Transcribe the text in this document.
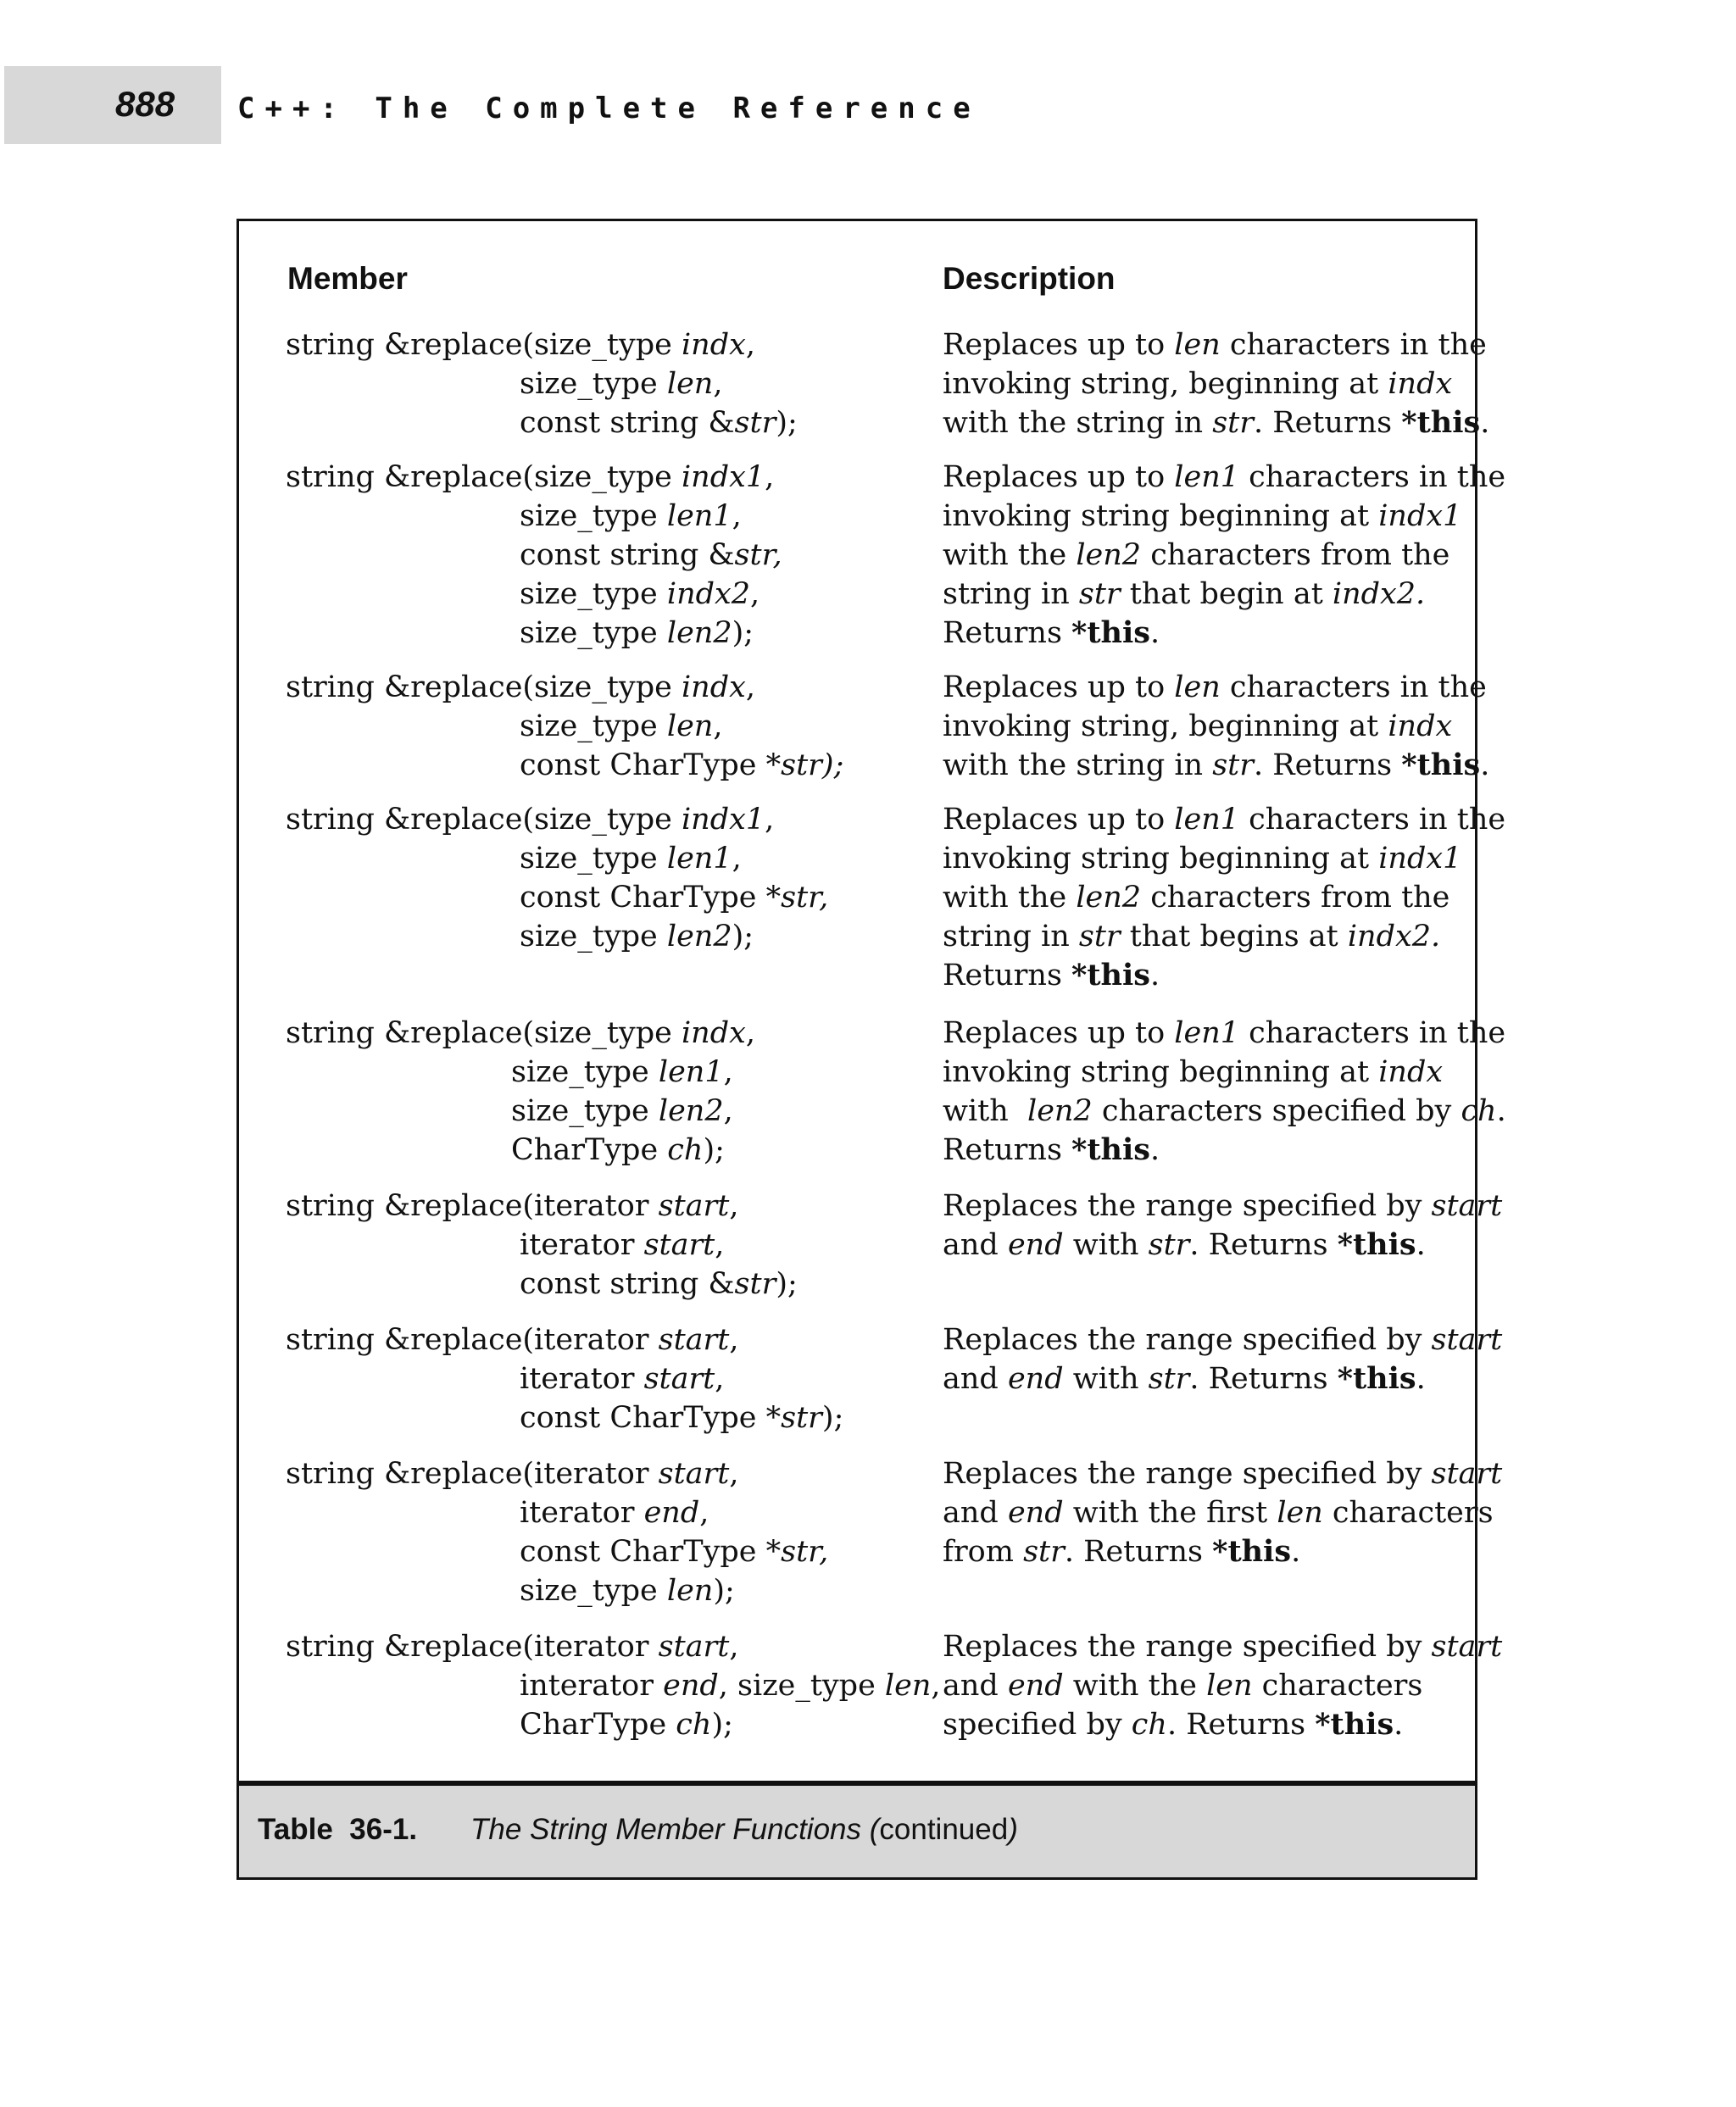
888 C++: The Complete Reference
Table  36-1. The String Member Functions (continued)
Member	Description
string &replace(size_type indx,
size_type len,
const string &str);
Replaces up to len characters in the
invoking string, beginning at indx
with the string in str. Returns *this.
string &replace(size_type indx1,
size_type len1,
const string &str,
size_type indx2,
size_type len2);
Replaces up to len1 characters in the
invoking string beginning at indx1
with the len2 characters from the
string in str that begin at indx2.
Returns *this.
string &replace(size_type indx,
size_type len,
const CharType *str);
Replaces up to len characters in the
invoking string, beginning at indx
with the string in str. Returns *this.
string &replace(size_type indx1,
size_type len1,
const CharType *str,
size_type len2);
Replaces up to len1 characters in the
invoking string beginning at indx1
with the len2 characters from the
string in str that begins at indx2.
Returns *this.
string &replace(size_type indx,
size_type len1,
size_type len2,
CharType ch);
Replaces up to len1 characters in the
invoking string beginning at indx
with  len2 characters specified by ch.
Returns *this.
string &replace(iterator start,
iterator start,
const string &str);
Replaces the range specified by start
and end with str. Returns *this.
string &replace(iterator start,
iterator start,
const CharType *str);
Replaces the range specified by start
and end with str. Returns *this.
string &replace(iterator start,
iterator end,
const CharType *str,
size_type len);
Replaces the range specified by start
and end with the first len characters
from str. Returns *this.
string &replace(iterator start,
interator end, size_type len,
CharType ch);
Replaces the range specified by start
and end with the len characters
specified by ch. Returns *this.
